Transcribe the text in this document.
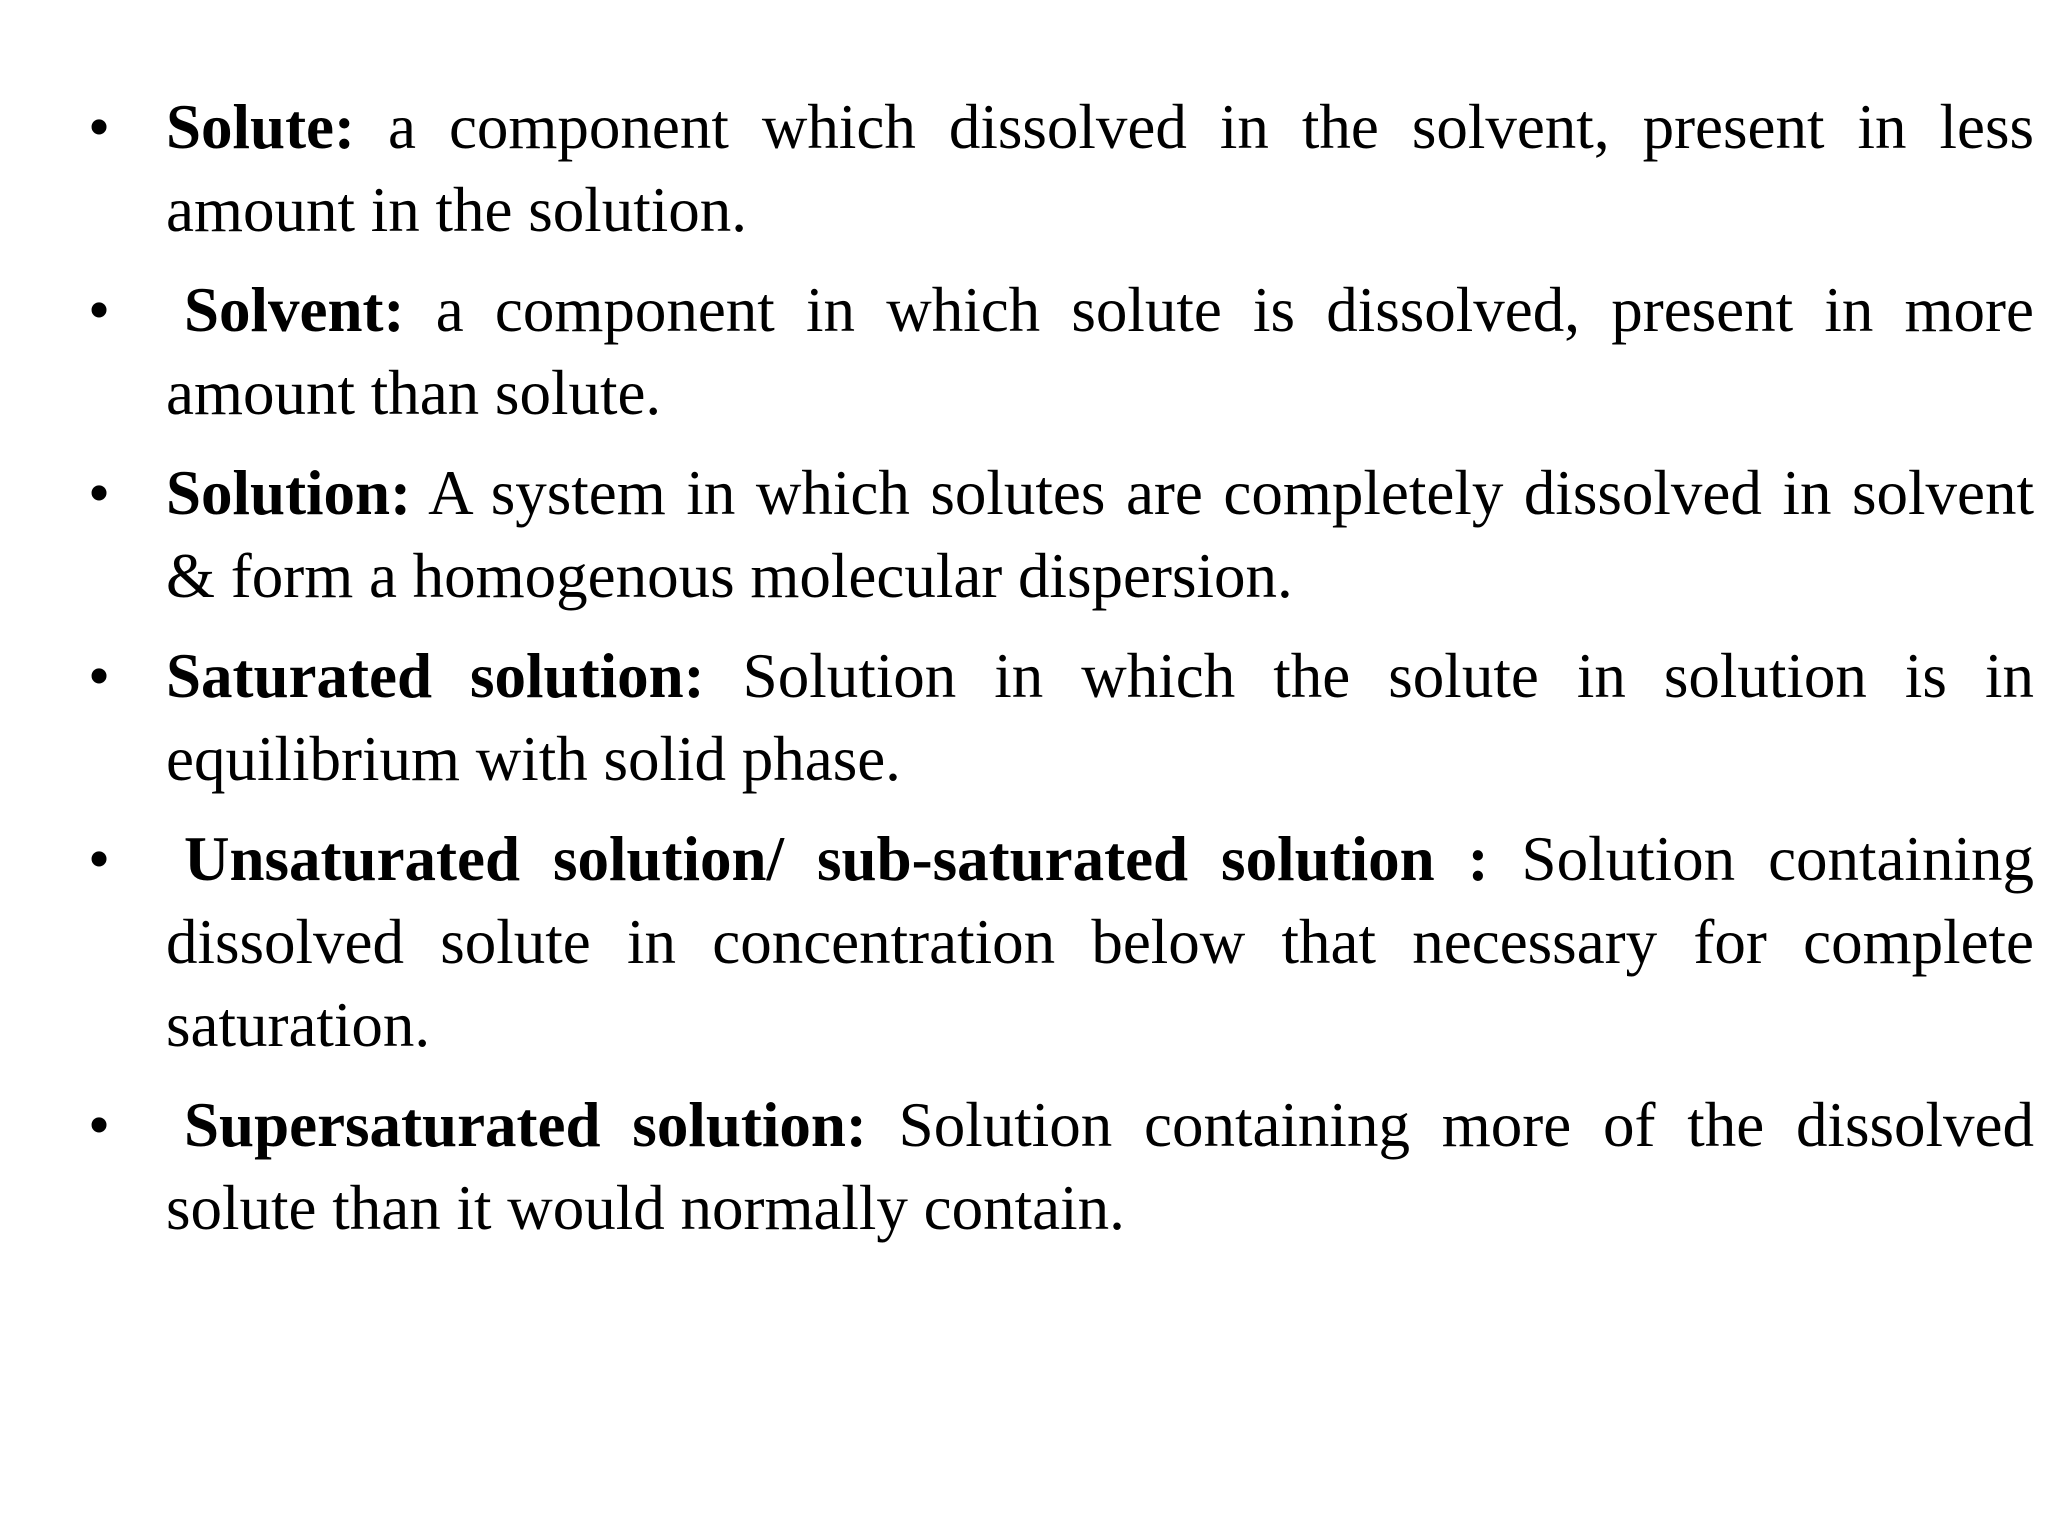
• Solute: a component which dissolved in the solvent, present in less amount in the solution.
• Solvent: a component in which solute is dissolved, present in more amount than solute.
• Solution: A system in which solutes are completely dissolved in solvent & form a homogenous molecular dispersion.
• Saturated solution: Solution in which the solute in solution is in equilibrium with solid phase.
• Unsaturated solution/ sub-saturated solution : Solution containing dissolved solute in concentration below that necessary for complete saturation.
• Supersaturated solution: Solution containing more of the dissolved solute than it would normally contain.
